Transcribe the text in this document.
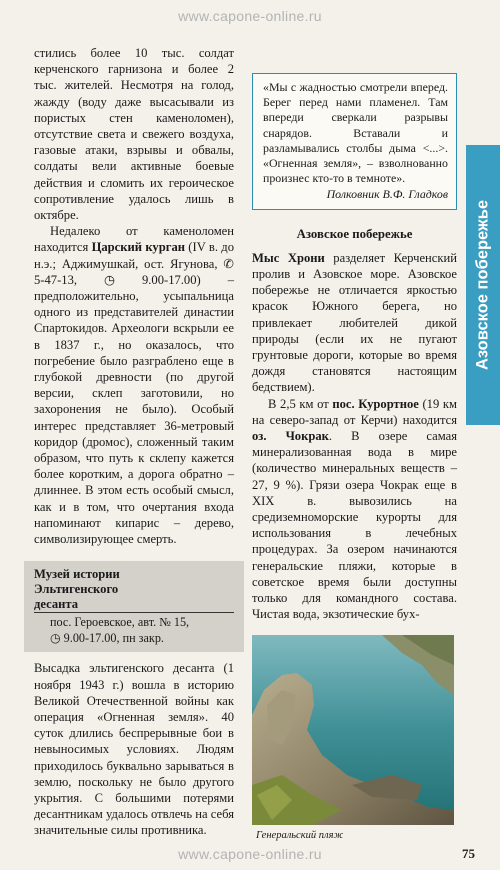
www.capone-online.ru

стились более 10 тыс. солдат керченского гарнизона и более 2 тыс. жителей. Несмотря на голод, жажду (воду даже высасывали из пористых стен каменоломен), отсутствие света и свежего воздуха, газовые атаки, взрывы и обвалы, солдаты вели активные боевые действия и сломить их героическое сопротивление удалось лишь в октябре.

Недалеко от каменоломен находится Царский курган (IV в. до н.э.; Аджимушкай, ост. Ягунова, ✆ 5-47-13, ◷ 9.00-17.00) – предположительно, усыпальница одного из представителей династии Спартокидов. Археологи вскрыли ее в 1837 г., но оказалось, что погребение было разграблено еще в глубокой древности (по другой версии, склеп заготовили, но захоронения не было). Особый интерес представляет 36-метровый коридор (дромос), сложенный таким образом, что путь к склепу кажется более коротким, а дорога обратно – длиннее. В этом есть особый смысл, как и в том, что очертания входа напоминают кипарис – дерево, символизирующее смерть.

Музей истории
Эльтигенского десанта
пос. Героевское, авт. № 15,
◷ 9.00-17.00, пн закр.

Высадка эльтигенского десанта (1 ноября 1943 г.) вошла в историю Великой Отечественной войны как операция «Огненная земля». 40 суток длились беспрерывные бои в невыносимых условиях. Людям приходилось буквально зарываться в землю, поскольку не было другого укрытия. С большими потерями десантникам удалось отвлечь на себя значительные силы противника.

«Мы с жадностью смотрели вперед. Берег перед нами пламенел. Там впереди сверкали разрывы снарядов. Вставали и разламывались столбы дыма <...>. «Огненная земля», – взволнованно произнес кто-то в темноте».
Полковник В.Ф. Гладков
Азовское побережье

Мыс Хрони разделяет Керченский пролив и Азовское море. Азовское побережье не отличается яркостью красок Южного берега, но привлекает любителей дикой природы (если их не пугают грунтовые дороги, которые во время дождя становятся настоящим бедствием).

В 2,5 км от пос. Курортное (19 км на северо-запад от Керчи) находится оз. Чокрак. В озере самая минерализованная вода в мире (количество минеральных веществ – 27, 9 %). Грязи озера Чокрак еще в XIX в. вывозились на средиземноморские курорты для использования в лечебных процедурах. За озером начинаются генеральские пляжи, которые в советское время были доступны только для командного состава. Чистая вода, экзотические бух-

Азовское побережье
Генеральский пляж
www.capone-online.ru	75
